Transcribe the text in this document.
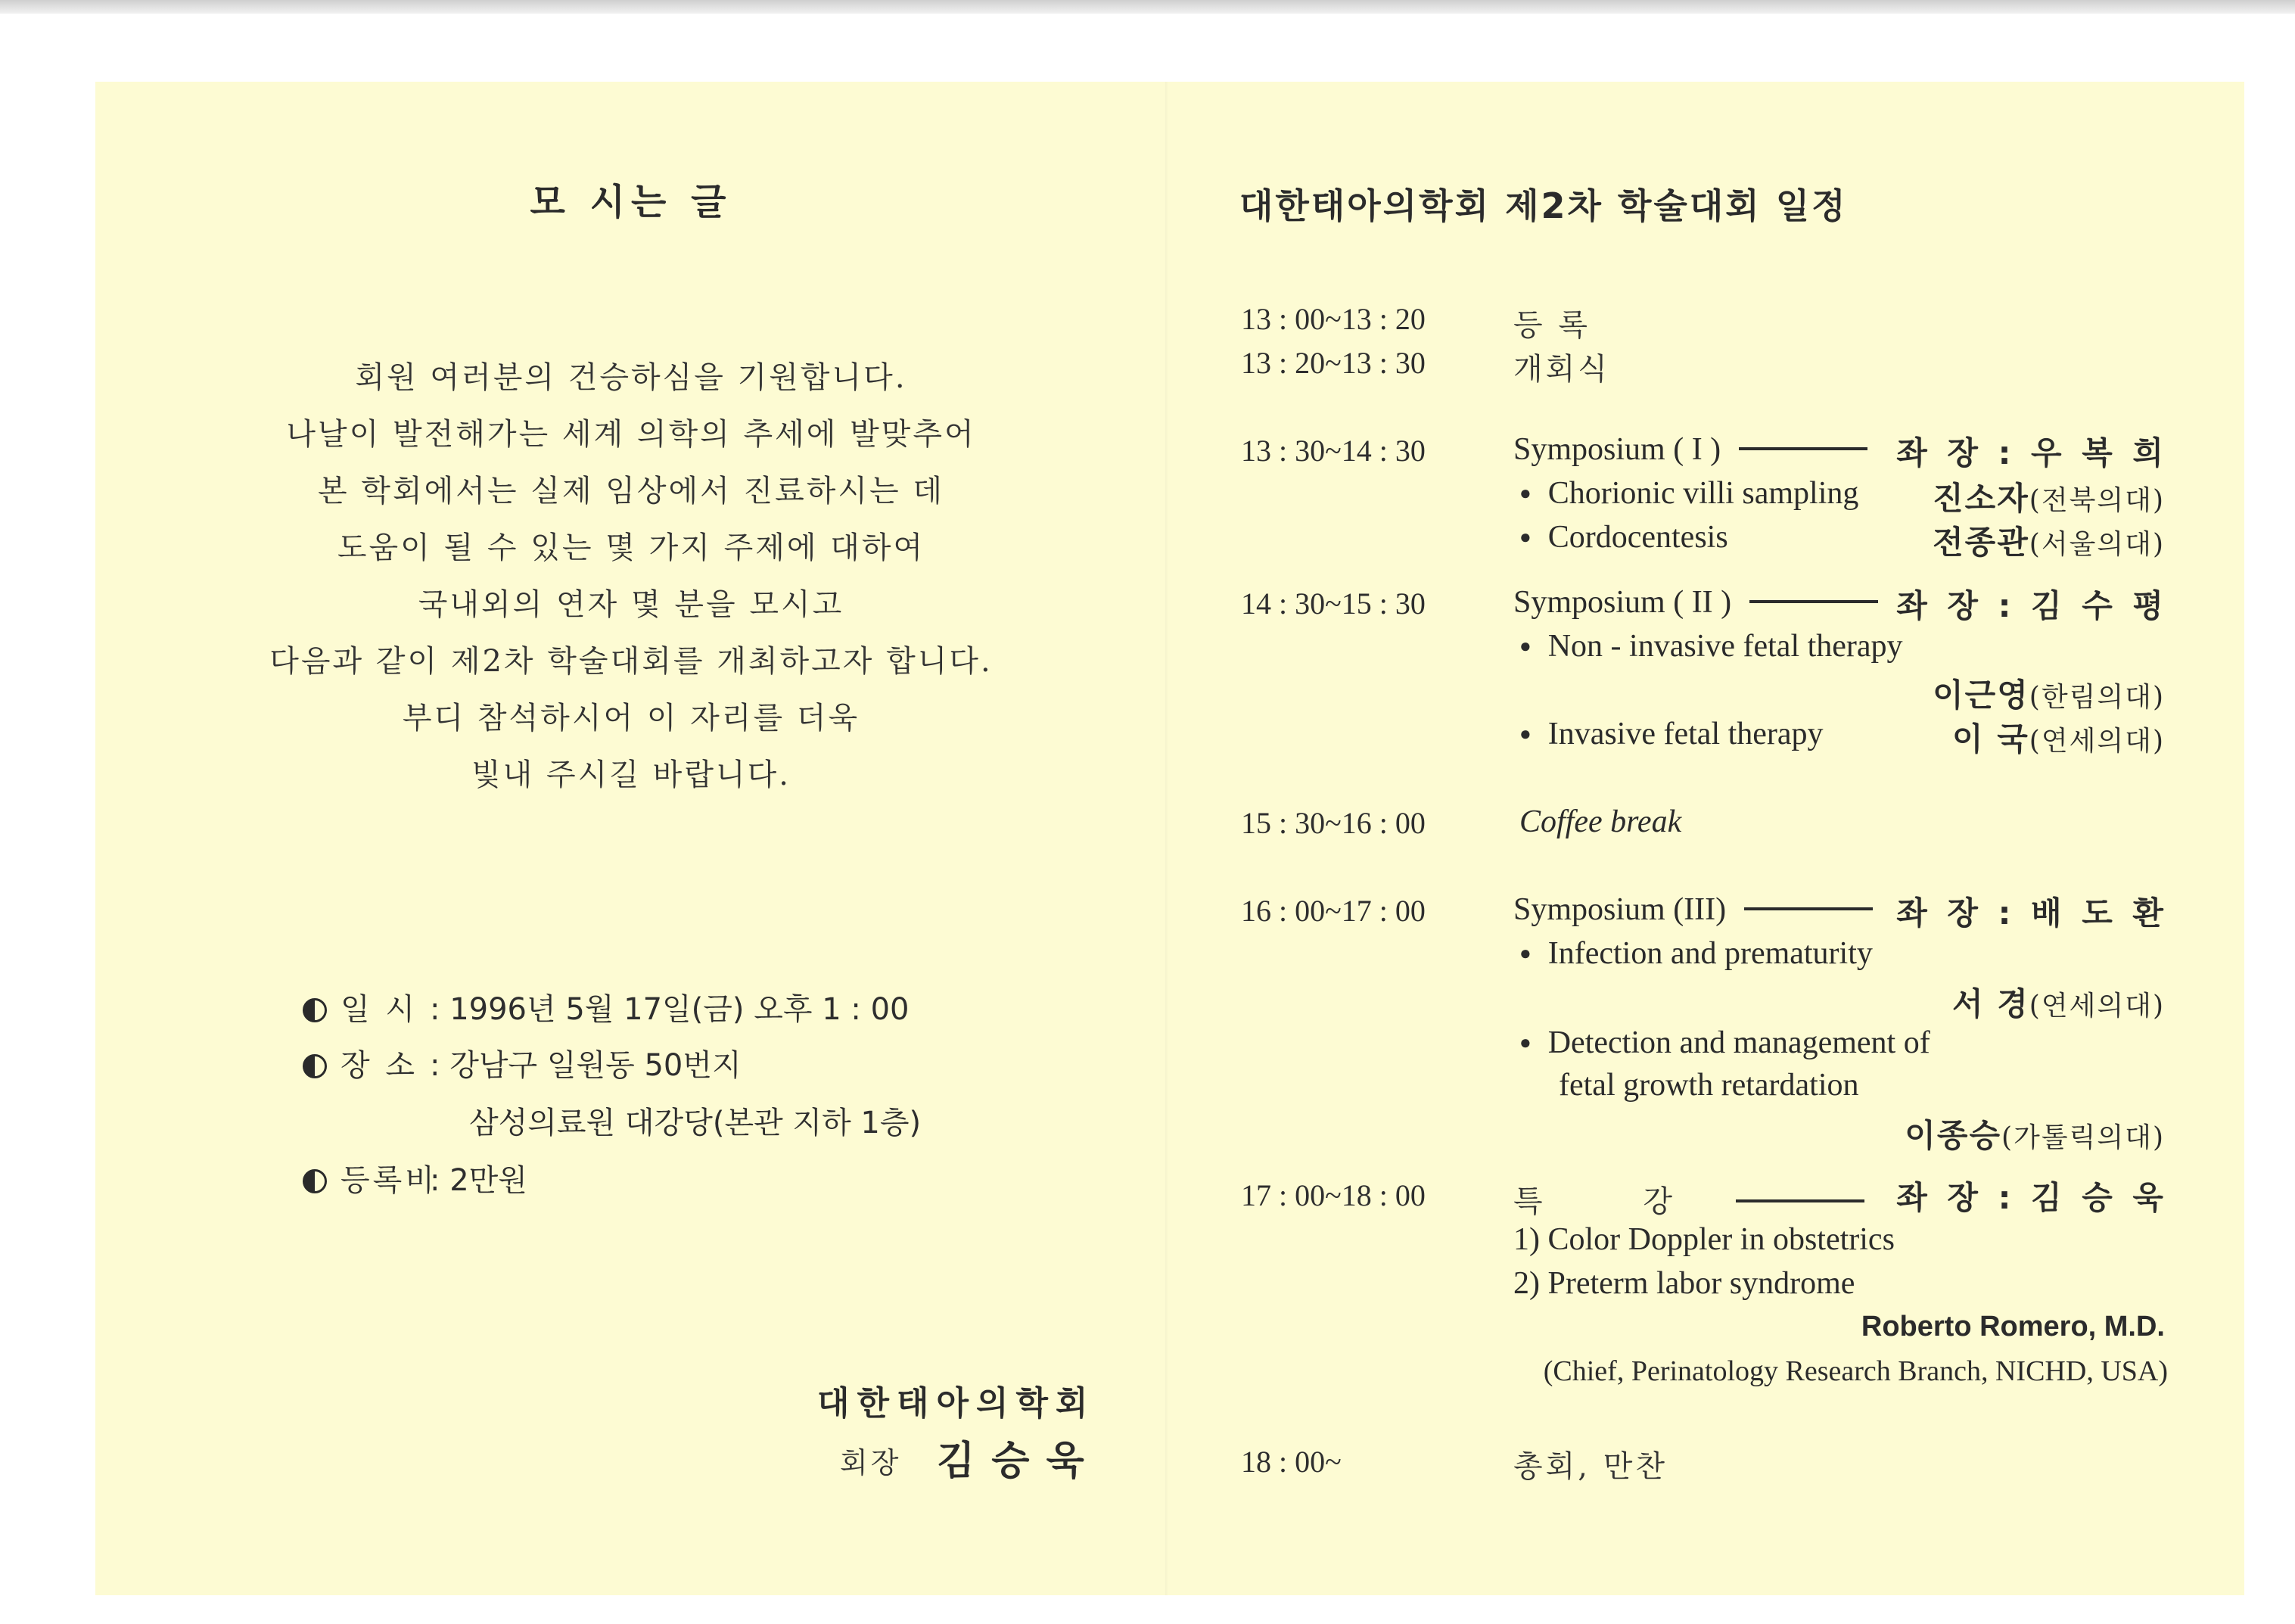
모 시는 글
회원 여러분의 건승하심을 기원합니다.
나날이 발전해가는 세계 의학의 추세에 발맞추어
본 학회에서는 실제 임상에서 진료하시는 데
도움이 될 수 있는 몇 가지 주제에 대하여
국내외의 연자 몇 분을 모시고
다음과 같이 제2차 학술대회를 개최하고자 합니다.
부디 참석하시어 이 자리를 더욱
빛내 주시길 바랍니다.
일 시 : 1996년 5월 17일(금) 오후 1 : 00
장 소 : 강남구 일원동 50번지
삼성의료원 대강당(본관 지하 1층)
등록비: 2만원
대한태아의학회
회장 김승욱
대한태아의학회 제2차 학술대회 일정
13 : 00~13 : 20	등 록
13 : 20~13 : 30	개회식
13 : 30~14 : 30	Symposium ( I )	좌 장 : 우 복 희
● Chorionic villi sampling 진소자(전북의대)
● Cordocentesis	전종관(서울의대)
14 : 30~15 : 30	Symposium ( II )	좌 장 : 김 수 평
● Non - invasive fetal therapy
이근영(한림의대)
● Invasive fetal therapy	이 국(연세의대)
15 : 30~16 : 00	Coffee break
16 : 00~17 : 00	Symposium (III)	좌 장 : 배 도 환
● Infection and prematurity
서 경(연세의대)
● Detection and management of
fetal growth retardation
이종승(가톨릭의대)
17 : 00~18 : 00	특 강	좌 장 : 김 승 욱
1) Color Doppler in obstetrics
2) Preterm labor syndrome
Roberto Romero, M.D.
(Chief, Perinatology Research Branch, NICHD, USA)
18 : 00~	총회, 만찬
